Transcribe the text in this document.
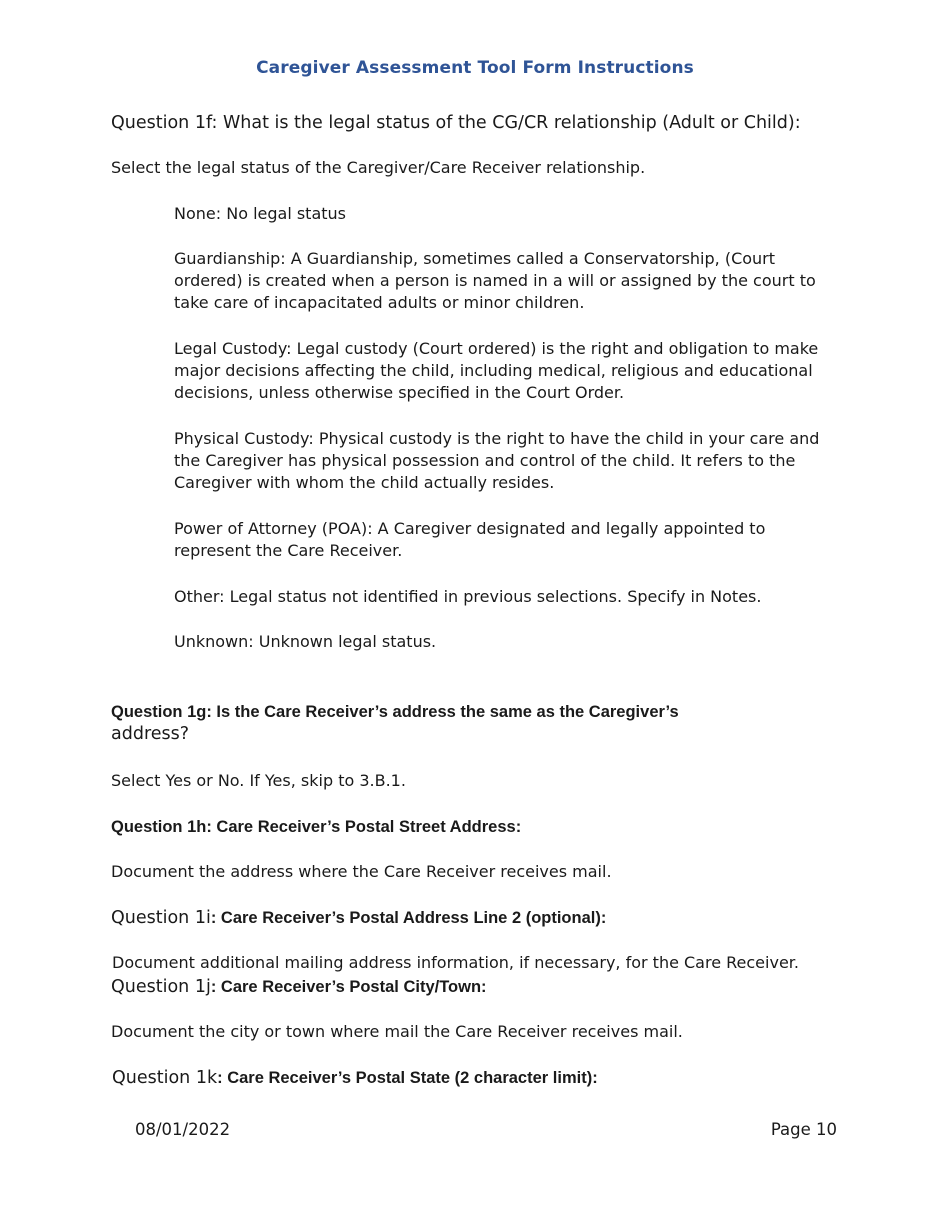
Caregiver Assessment Tool Form Instructions
Question 1f: What is the legal status of the CG/CR relationship (Adult or Child):
Select the legal status of the Caregiver/Care Receiver relationship.
None: No legal status
Guardianship: A Guardianship, sometimes called a Conservatorship, (Court ordered) is created when a person is named in a will or assigned by the court to take care of incapacitated adults or minor children.
Legal Custody: Legal custody (Court ordered) is the right and obligation to make major decisions affecting the child, including medical, religious and educational decisions, unless otherwise specified in the Court Order.
Physical Custody: Physical custody is the right to have the child in your care and the Caregiver has physical possession and control of the child. It refers to the Caregiver with whom the child actually resides.
Power of Attorney (POA): A Caregiver designated and legally appointed to represent the Care Receiver.
Other: Legal status not identified in previous selections. Specify in Notes.
Unknown: Unknown legal status.
Question 1g: Is the Care Receiver’s address the same as the Caregiver’s
address?
Select Yes or No. If Yes, skip to 3.B.1.
Question 1h: Care Receiver’s Postal Street Address:
Document the address where the Care Receiver receives mail.
Question 1i: Care Receiver’s Postal Address Line 2 (optional):
Document additional mailing address information, if necessary, for the Care Receiver.
Question 1j: Care Receiver’s Postal City/Town:
Document the city or town where mail the Care Receiver receives mail.
Question 1k: Care Receiver’s Postal State (2 character limit):
08/01/2022	Page 10
